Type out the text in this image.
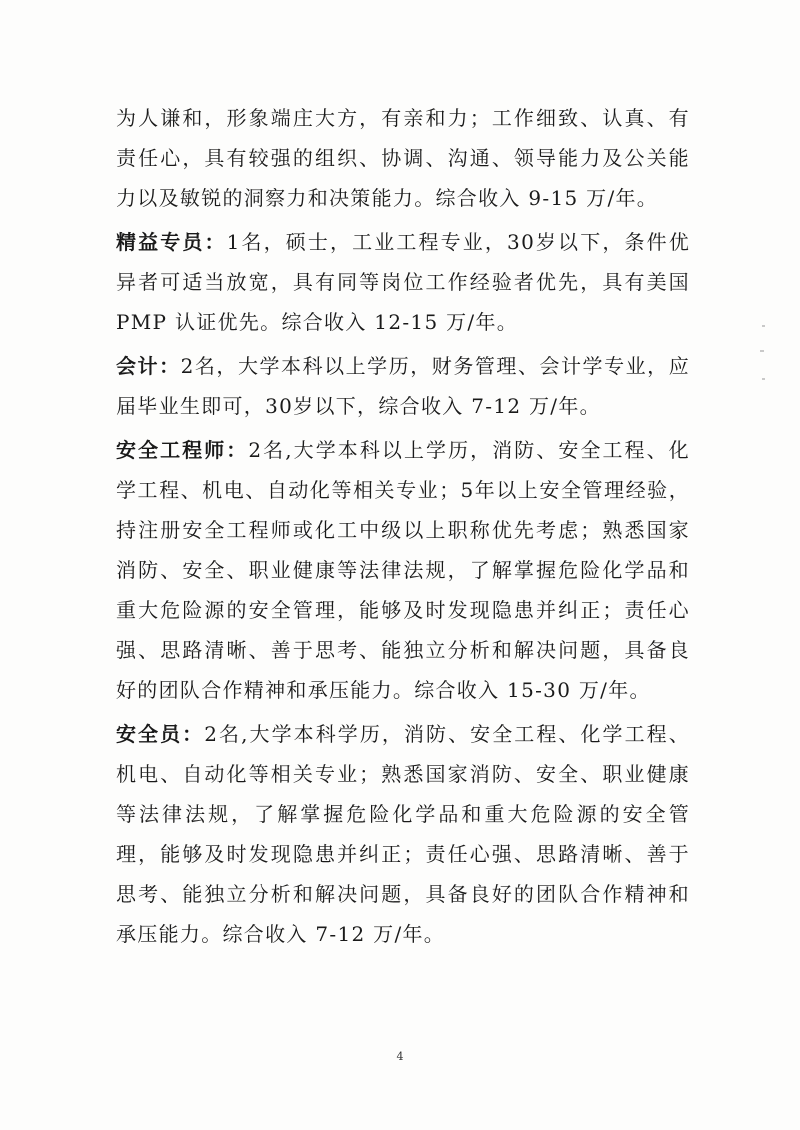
为人谦和，形象端庄大方，有亲和力；工作细致、认真、有责任心，具有较强的组织、协调、沟通、领导能力及公关能力以及敏锐的洞察力和决策能力。综合收入 9-15 万/年。

精益专员：1名，硕士，工业工程专业，30岁以下，条件优异者可适当放宽，具有同等岗位工作经验者优先，具有美国 PMP 认证优先。综合收入 12-15 万/年。

会计：2名，大学本科以上学历，财务管理、会计学专业，应届毕业生即可，30岁以下，综合收入 7-12 万/年。

安全工程师：2名,大学本科以上学历，消防、安全工程、化学工程、机电、自动化等相关专业；5年以上安全管理经验，持注册安全工程师或化工中级以上职称优先考虑；熟悉国家消防、安全、职业健康等法律法规，了解掌握危险化学品和重大危险源的安全管理，能够及时发现隐患并纠正；责任心强、思路清晰、善于思考、能独立分析和解决问题，具备良好的团队合作精神和承压能力。综合收入 15-30 万/年。

安全员：2名,大学本科学历，消防、安全工程、化学工程、机电、自动化等相关专业；熟悉国家消防、安全、职业健康等法律法规，了解掌握危险化学品和重大危险源的安全管理，能够及时发现隐患并纠正；责任心强、思路清晰、善于思考、能独立分析和解决问题，具备良好的团队合作精神和承压能力。综合收入 7-12 万/年。

4
